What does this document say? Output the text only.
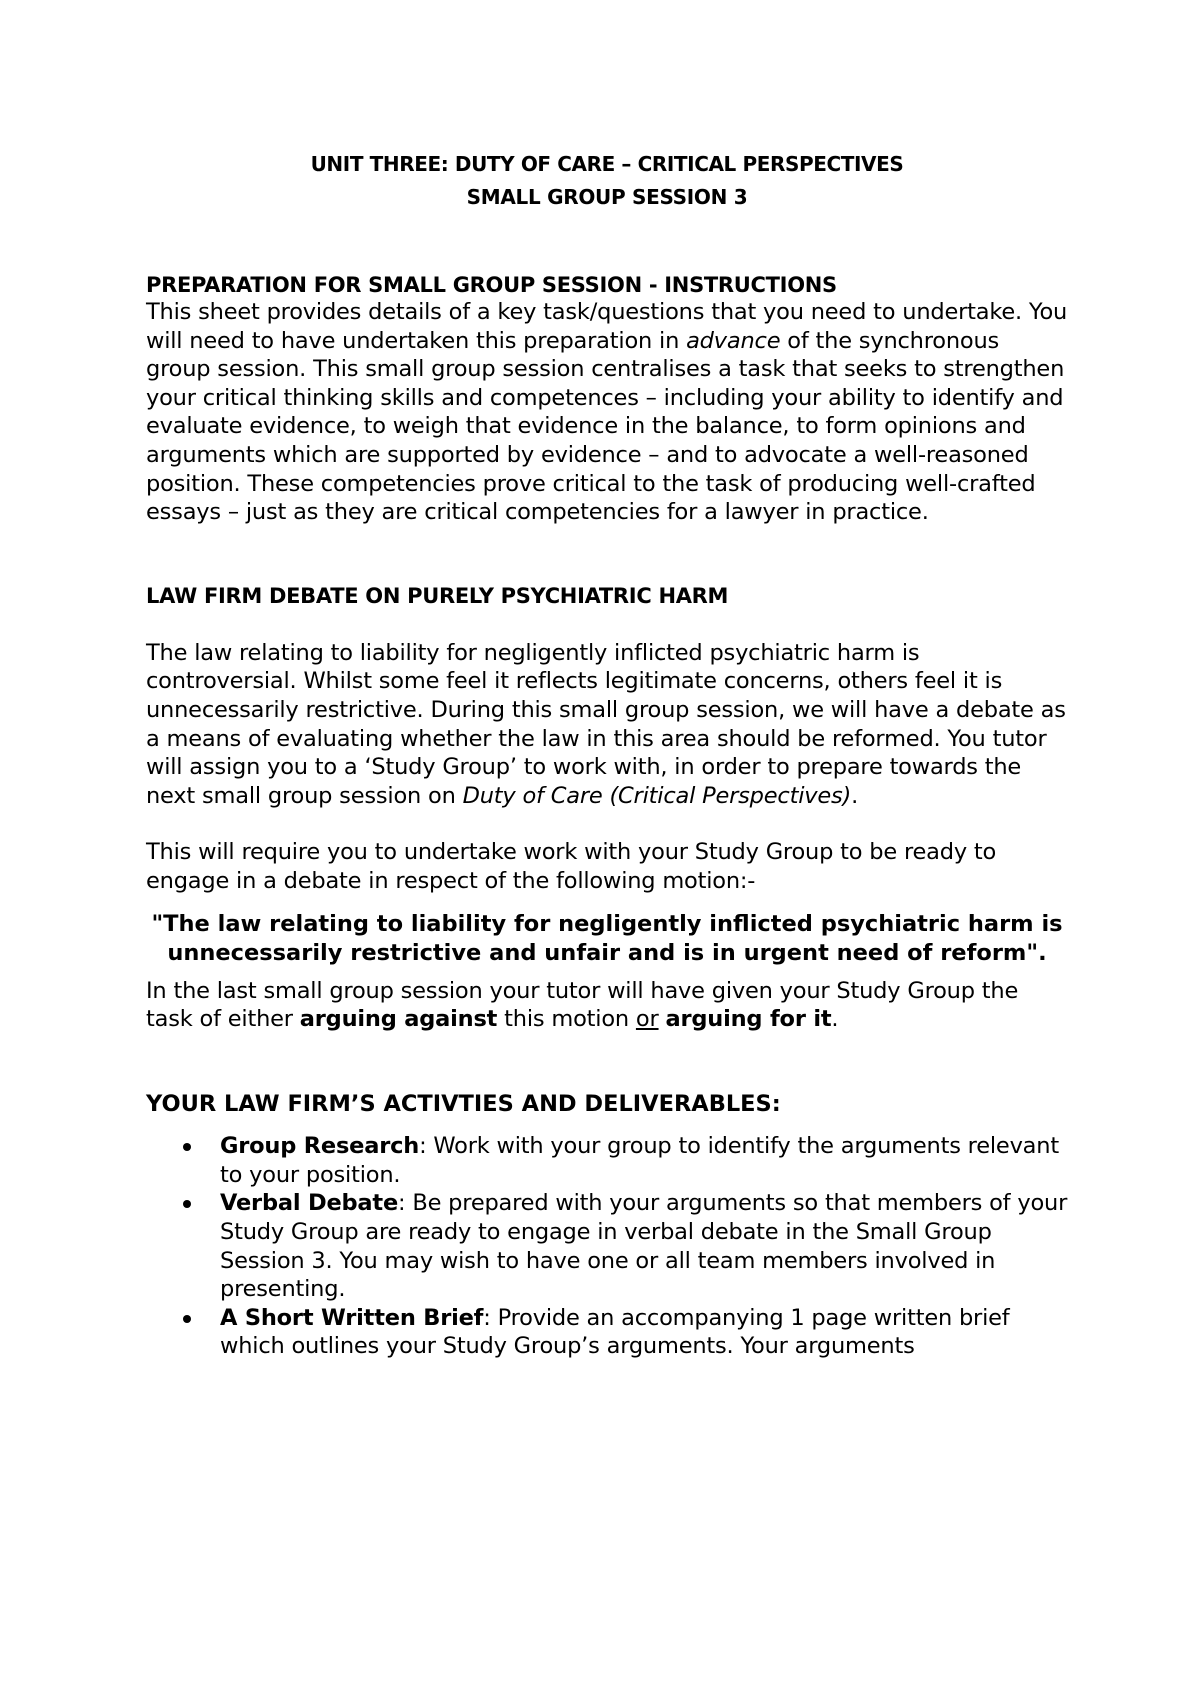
UNIT THREE: DUTY OF CARE – CRITICAL PERSPECTIVES
SMALL GROUP SESSION 3
PREPARATION FOR SMALL GROUP SESSION - INSTRUCTIONS

This sheet provides details of a key task/questions that you need to undertake. You will need to have undertaken this preparation in advance of the synchronous group session. This small group session centralises a task that seeks to strengthen your critical thinking skills and competences – including your ability to identify and evaluate evidence, to weigh that evidence in the balance, to form opinions and arguments which are supported by evidence – and to advocate a well-reasoned position. These competencies prove critical to the task of producing well-crafted essays – just as they are critical competencies for a lawyer in practice.

LAW FIRM DEBATE ON PURELY PSYCHIATRIC HARM

The law relating to liability for negligently inflicted psychiatric harm is controversial. Whilst some feel it reflects legitimate concerns, others feel it is unnecessarily restrictive. During this small group session, we will have a debate as a means of evaluating whether the law in this area should be reformed. You tutor will assign you to a ‘Study Group’ to work with, in order to prepare towards the next small group session on Duty of Care (Critical Perspectives).

This will require you to undertake work with your Study Group to be ready to engage in a debate in respect of the following motion:-

"The law relating to liability for negligently inflicted psychiatric harm is unnecessarily restrictive and unfair and is in urgent need of reform".

In the last small group session your tutor will have given your Study Group the task of either arguing against this motion or arguing for it.

YOUR LAW FIRM’S ACTIVTIES AND DELIVERABLES:
Group Research: Work with your group to identify the arguments relevant to your position.
Verbal Debate: Be prepared with your arguments so that members of your Study Group are ready to engage in verbal debate in the Small Group Session 3. You may wish to have one or all team members involved in presenting.
A Short Written Brief: Provide an accompanying 1 page written brief which outlines your Study Group’s arguments. Your arguments
